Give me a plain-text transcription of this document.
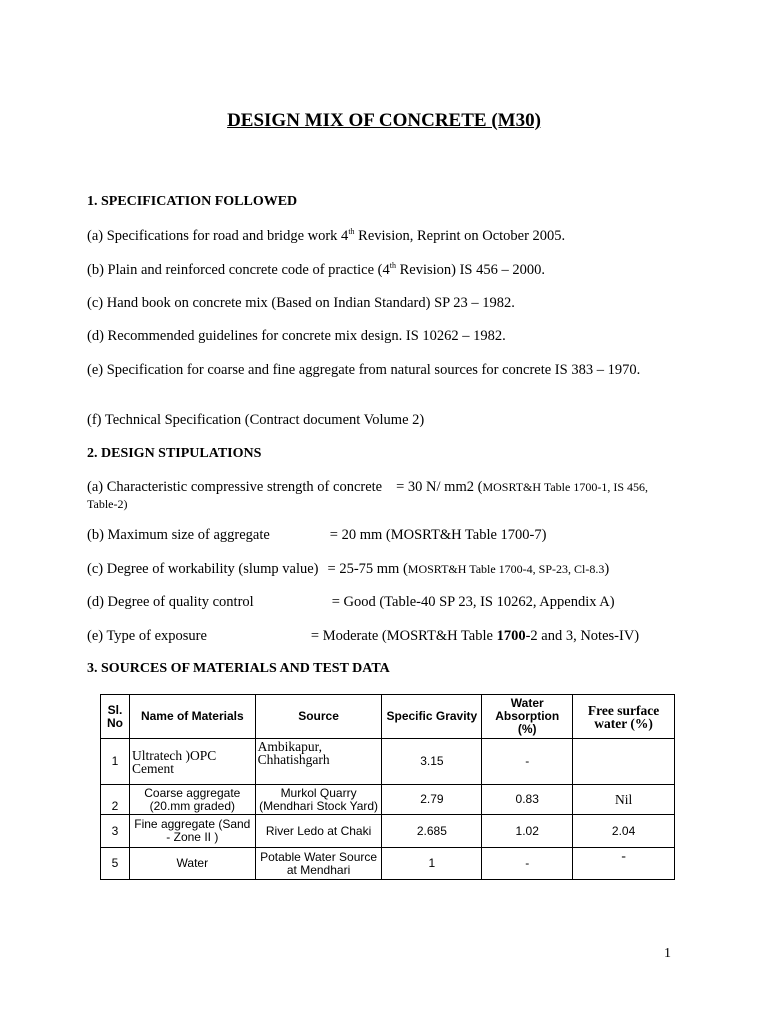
DESIGN MIX OF CONCRETE (M30)
1. SPECIFICATION FOLLOWED
(a) Specifications for road and bridge work 4th Revision, Reprint on October 2005.
(b) Plain and reinforced concrete code of practice (4th Revision) IS 456 – 2000.
(c) Hand book on concrete mix (Based on Indian Standard) SP 23 – 1982.
(d) Recommended guidelines for concrete mix design. IS 10262 – 1982.
(e) Specification for coarse and fine aggregate from natural sources for concrete IS 383 – 1970.
(f) Technical Specification (Contract document Volume 2)
2. DESIGN STIPULATIONS
(a) Characteristic compressive strength of concrete = 30 N/ mm2 (MOSRT&H Table 1700-1, IS 456, Table-2)
(b) Maximum size of aggregate	= 20 mm (MOSRT&H Table 1700-7)
(c) Degree of workability (slump value) = 25-75 mm (MOSRT&H Table 1700-4, SP-23, Cl-8.3)
(d) Degree of quality control	= Good (Table-40 SP 23, IS 10262, Appendix A)
(e) Type of exposure	= Moderate (MOSRT&H Table 1700-2 and 3, Notes-IV)
3. SOURCES OF MATERIALS AND TEST DATA
Sl. No	Name of Materials	Source	Specific Gravity	Water Absorption (%)	Free surface water (%)
1	Ultratech )OPC Cement	Ambikapur, Chhatishgarh	3.15	-	
2	Coarse aggregate (20.mm graded)	Murkol Quarry (Mendhari Stock Yard)	2.79	0.83	Nil
3	Fine aggregate (Sand - Zone II )	River Ledo at Chaki	2.685	1.02	2.04
5	Water	Potable Water Source at Mendhari	1	-	-
1
